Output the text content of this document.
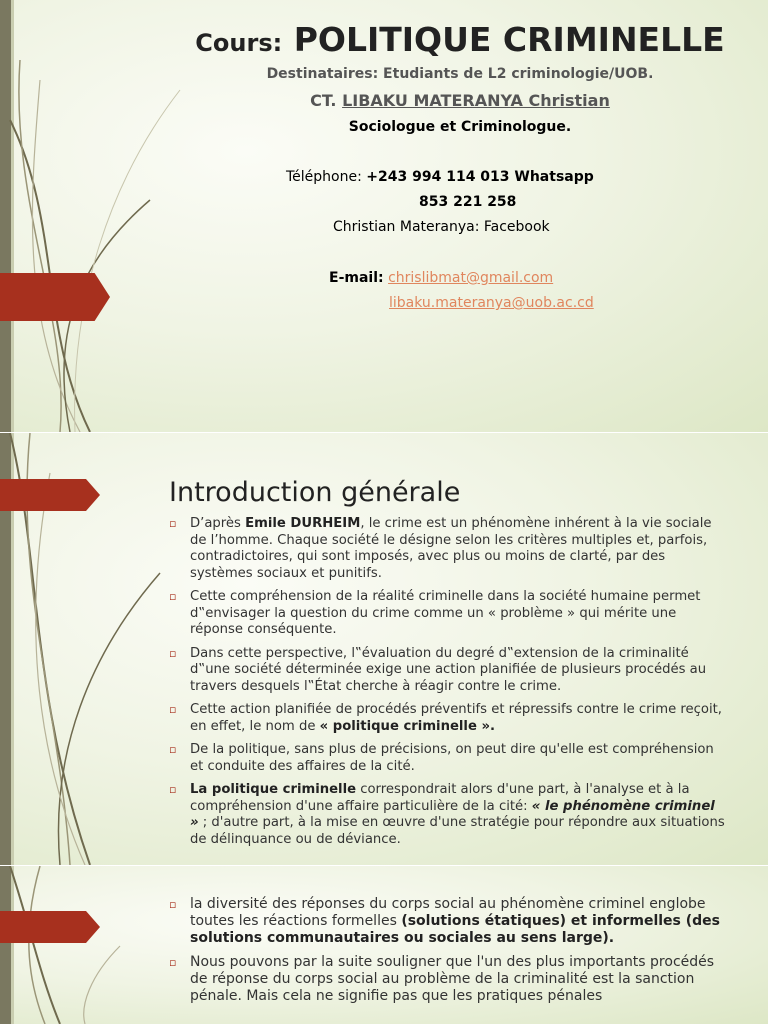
Cours: POLITIQUE CRIMINELLE
Destinataires: Etudiants de L2 criminologie/UOB.
CT. LIBAKU MATERANYA Christian
Sociologue et Criminologue.
Téléphone: +243 994 114 013 Whatsapp
853 221 258
Christian Materanya: Facebook
E-mail: chrislibmat@gmail.com
libaku.materanya@uob.ac.cd
Introduction générale
▫ D’après Emile DURHEIM, le crime est un phénomène inhérent à la vie sociale de l’homme. Chaque société le désigne selon les critères multiples et, parfois, contradictoires, qui sont imposés, avec plus ou moins de clarté, par des systèmes sociaux et punitifs.
▫ Cette compréhension de la réalité criminelle dans la société humaine permet d‟envisager la question du crime comme un « problème » qui mérite une réponse conséquente.
▫ Dans cette perspective, l‟évaluation du degré d‟extension de la criminalité d‟une société déterminée exige une action planifiée de plusieurs procédés au travers desquels l‟État cherche à réagir contre le crime.
▫ Cette action planifiée de procédés préventifs et répressifs contre le crime reçoit, en effet, le nom de « politique criminelle ».
▫ De la politique, sans plus de précisions, on peut dire qu'elle est compréhension et conduite des affaires de la cité.
▫ La politique criminelle correspondrait alors d'une part, à l'analyse et à la compréhension d'une affaire particulière de la cité: « le phénomène criminel » ; d'autre part, à la mise en œuvre d'une stratégie pour répondre aux situations de délinquance ou de déviance.
▫ la diversité des réponses du corps social au phénomène criminel englobe toutes les réactions formelles (solutions étatiques) et informelles (des solutions communautaires ou sociales au sens large).
▫ Nous pouvons par la suite souligner que l'un des plus importants procédés de réponse du corps social au problème de la criminalité est la sanction pénale. Mais cela ne signifie pas que les pratiques pénales
